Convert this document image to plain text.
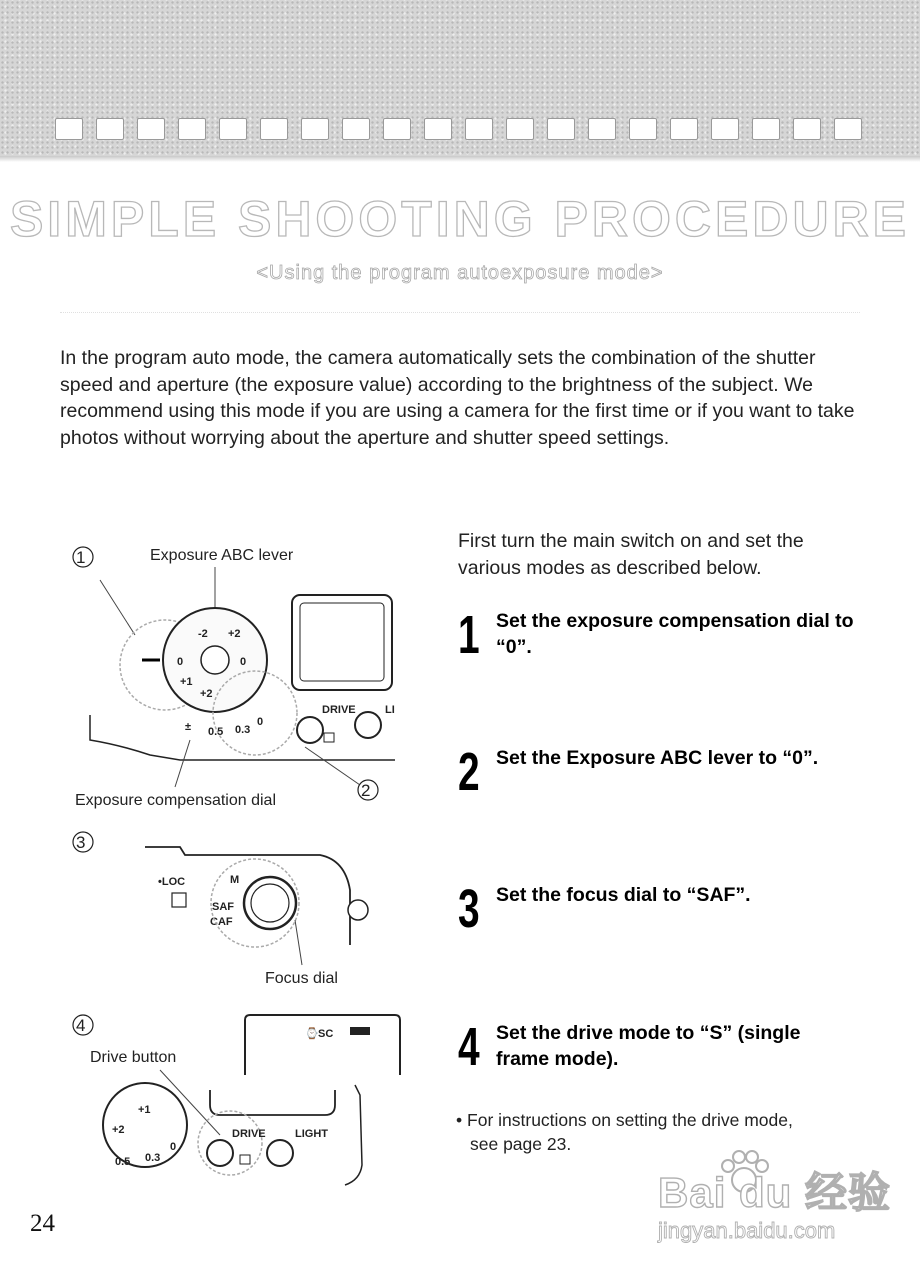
SIMPLE SHOOTING PROCEDURE
<Using the program autoexposure mode>

In the program auto mode, the camera automatically sets the combination of the shutter speed and aperture (the exposure value) according to the brightness of the subject. We recommend using this mode if you are using a camera for the first time or if you want to take photos without worrying about the aperture and shutter speed settings.

1	Exposure ABC lever
0	0
+1
+2
-2 +2
± 0.5 0.3
0
DRIVE	LI
Exposure compensation dial
2
3
•LOC	M
SAF
CAF
Focus dial
4
Drive button
⌚ SC
+2
+1
0.5 0.3
0
DRIVE	LIGHT
First turn the main switch on and set the various modes as described below.
1 Set the exposure compensation dial to “0”.
2 Set the Exposure ABC lever to “0”.
3 Set the focus dial to “SAF”.
4 Set the drive mode to “S” (single frame mode).
• For instructions on setting the drive mode,
see page 23.
24
Bai du 经验
jingyan.baidu.com
